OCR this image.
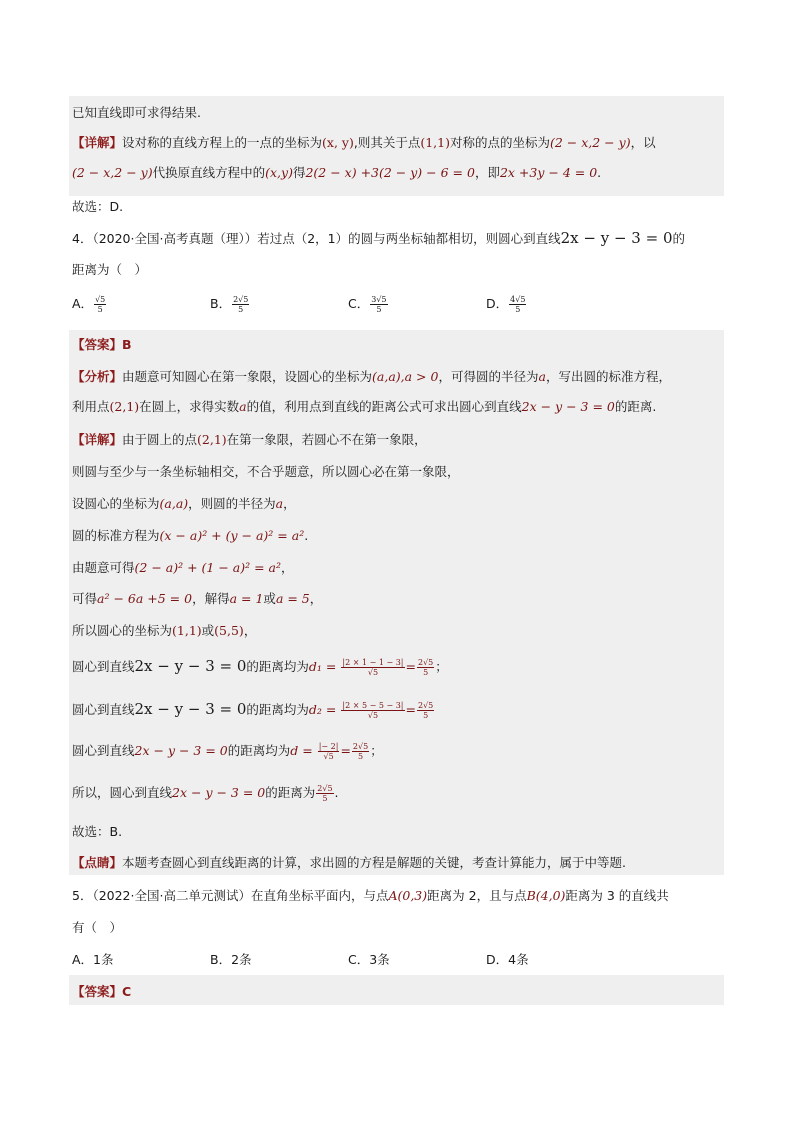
已知直线即可求得结果.
【详解】设对称的直线方程上的一点的坐标为(x, y),则其关于点(1,1)对称的点的坐标为(2 − x,2 − y)，以
(2 − x,2 − y)代换原直线方程中的(x,y)得2(2 − x) +3(2 − y) − 6 = 0，即2x +3y − 4 = 0.
故选：D.
4．（2020·全国·高考真题（理））若过点（2，1）的圆与两坐标轴都相切，则圆心到直线2x − y − 3 = 0的
距离为（　）
A． $\frac{√5}{5}$	B． $\frac{2√5}{5}$	C． $\frac{3√5}{5}$	D． $\frac{4√5}{5}$
【答案】B
【分析】由题意可知圆心在第一象限，设圆心的坐标为(a,a),a > 0，可得圆的半径为a，写出圆的标准方程，
利用点(2,1)在圆上，求得实数a的值，利用点到直线的距离公式可求出圆心到直线2x − y − 3 = 0的距离.
【详解】由于圆上的点(2,1)在第一象限，若圆心不在第一象限，
则圆与至少与一条坐标轴相交，不合乎题意，所以圆心必在第一象限，
设圆心的坐标为(a,a)，则圆的半径为a，
圆的标准方程为(x − a)² + (y − a)² = a².
由题意可得(2 − a)² + (1 − a)² = a²，
可得a² − 6a +5 = 0，解得a = 1或a = 5，
所以圆心的坐标为(1,1)或(5,5)，
圆心到直线2x − y − 3 = 0的距离均为$d_1 = \frac{|2 \times 1 - 1 - 3|}{√5} = \frac{2√5}{5}$ ；
圆心到直线2x − y − 3 = 0的距离均为$d_2 = \frac{|2 \times 5 - 5 - 3|}{√5} = \frac{2√5}{5}$
圆心到直线2x − y − 3 = 0的距离均为$d = \frac{|- 2|}{√5} = \frac{2√5}{5}$ ；
所以，圆心到直线2x − y − 3 = 0的距离为 $\frac{2√5}{5}$ .
故选：B.
【点睛】本题考查圆心到直线距离的计算，求出圆的方程是解题的关键，考查计算能力，属于中等题.
5．（2022·全国·高二单元测试）在直角坐标平面内，与点A(0,3)距离为 2，且与点B(4,0)距离为 3 的直线共
有（　）
A．1条	B．2条	C．3条	D．4条
【答案】C
